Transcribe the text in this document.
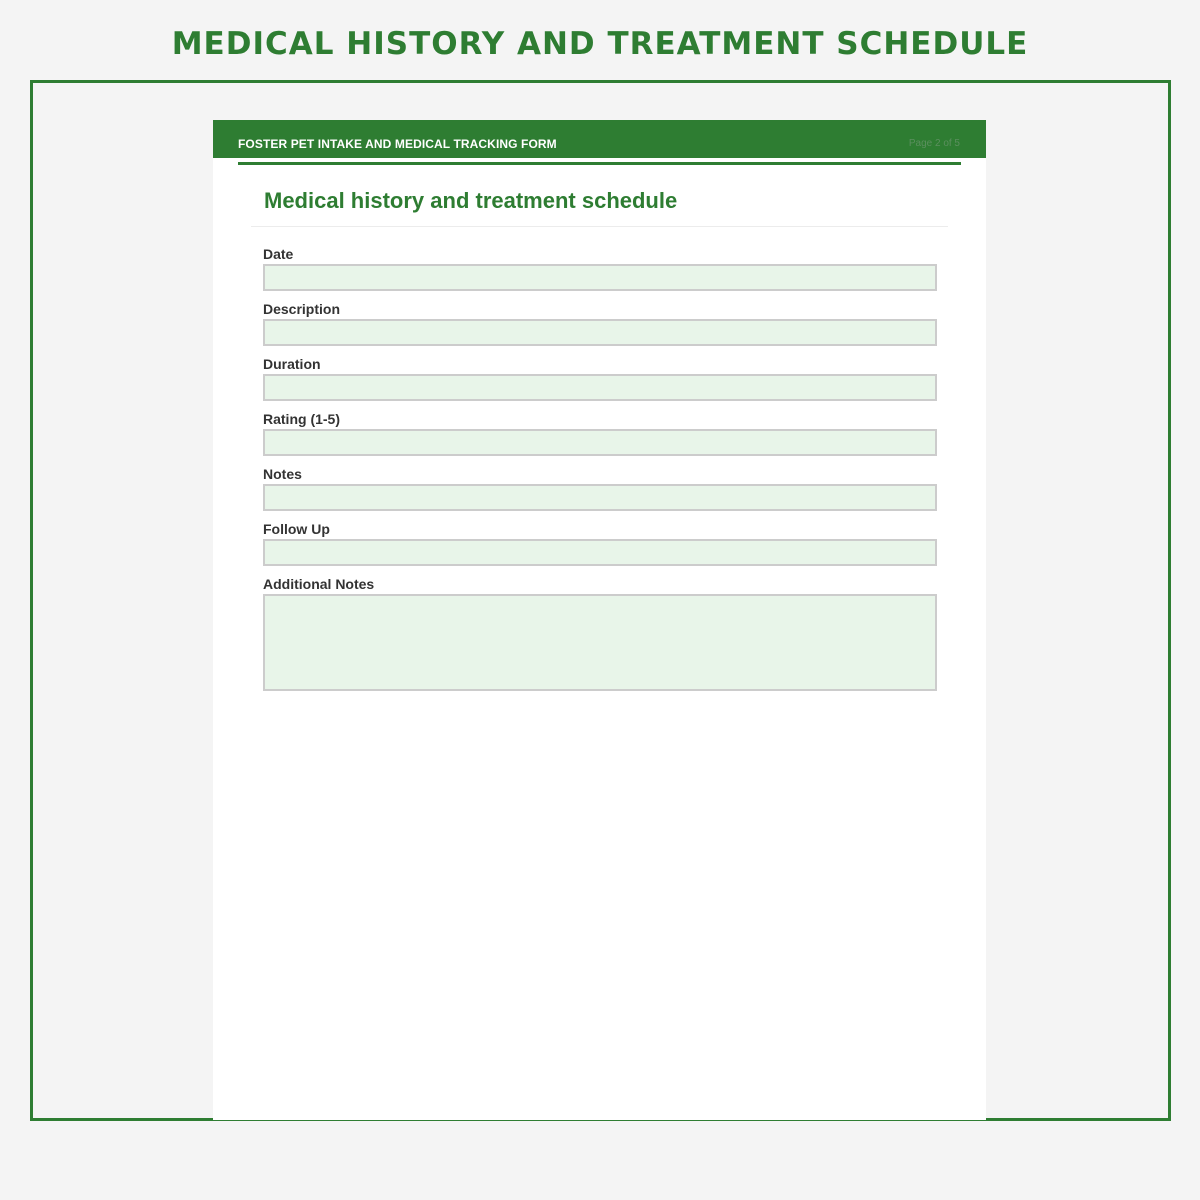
MEDICAL HISTORY AND TREATMENT SCHEDULE
FOSTER PET INTAKE AND MEDICAL TRACKING FORM	Page 2 of 5
Medical history and treatment schedule
Date
Description
Duration
Rating (1-5)
Notes
Follow Up
Additional Notes
